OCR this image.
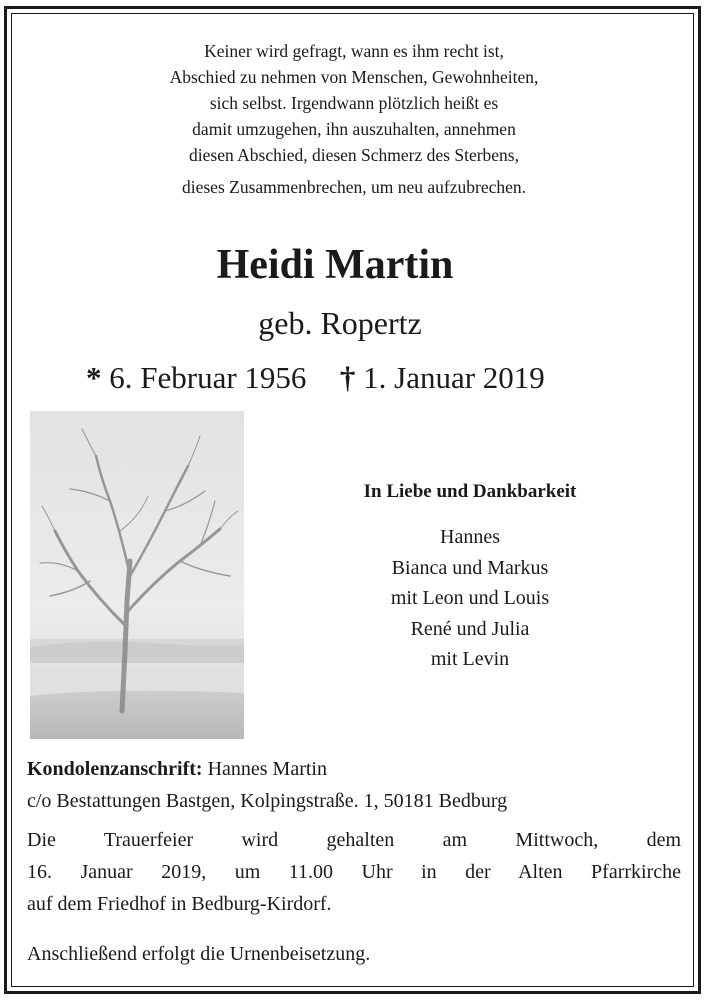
Keiner wird gefragt, wann es ihm recht ist,
Abschied zu nehmen von Menschen, Gewohnheiten,
sich selbst. Irgendwann plötzlich heißt es
damit umzugehen, ihn auszuhalten, annehmen
diesen Abschied, diesen Schmerz des Sterbens,
dieses Zusammenbrechen, um neu aufzubrechen.
Heidi Martin
geb. Ropertz
* 6. Februar 1956 † 1. Januar 2019
In Liebe und Dankbarkeit
Hannes
Bianca und Markus
mit Leon und Louis
René und Julia
mit Levin
Kondolenzanschrift: Hannes Martin
c/o Bestattungen Bastgen, Kolpingstraße. 1, 50181 Bedburg
Die Trauerfeier wird gehalten am Mittwoch, dem
16. Januar 2019, um 11.00 Uhr in der Alten Pfarrkirche
auf dem Friedhof in Bedburg-Kirdorf.
Anschließend erfolgt die Urnenbeisetzung.
